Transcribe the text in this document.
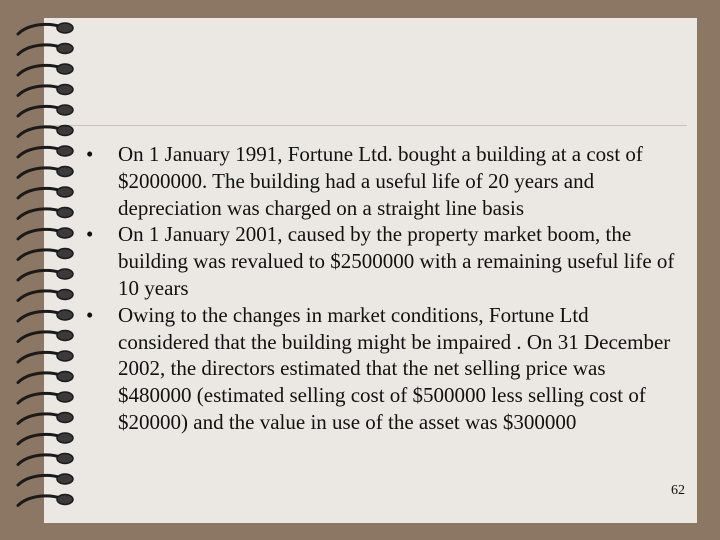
• On 1 January 1991, Fortune Ltd. bought a building at a cost of $2000000. The building had a useful life of 20 years and depreciation was charged on a straight line basis
• On 1 January 2001, caused by the property market boom, the building was revalued to $2500000 with a remaining useful life of 10 years
• Owing to the changes in market conditions, Fortune Ltd considered that the building might be impaired . On 31 December 2002, the directors estimated that the net selling price was $480000 (estimated selling cost of $500000 less selling cost of $20000) and the value in use of the asset was $300000
62
